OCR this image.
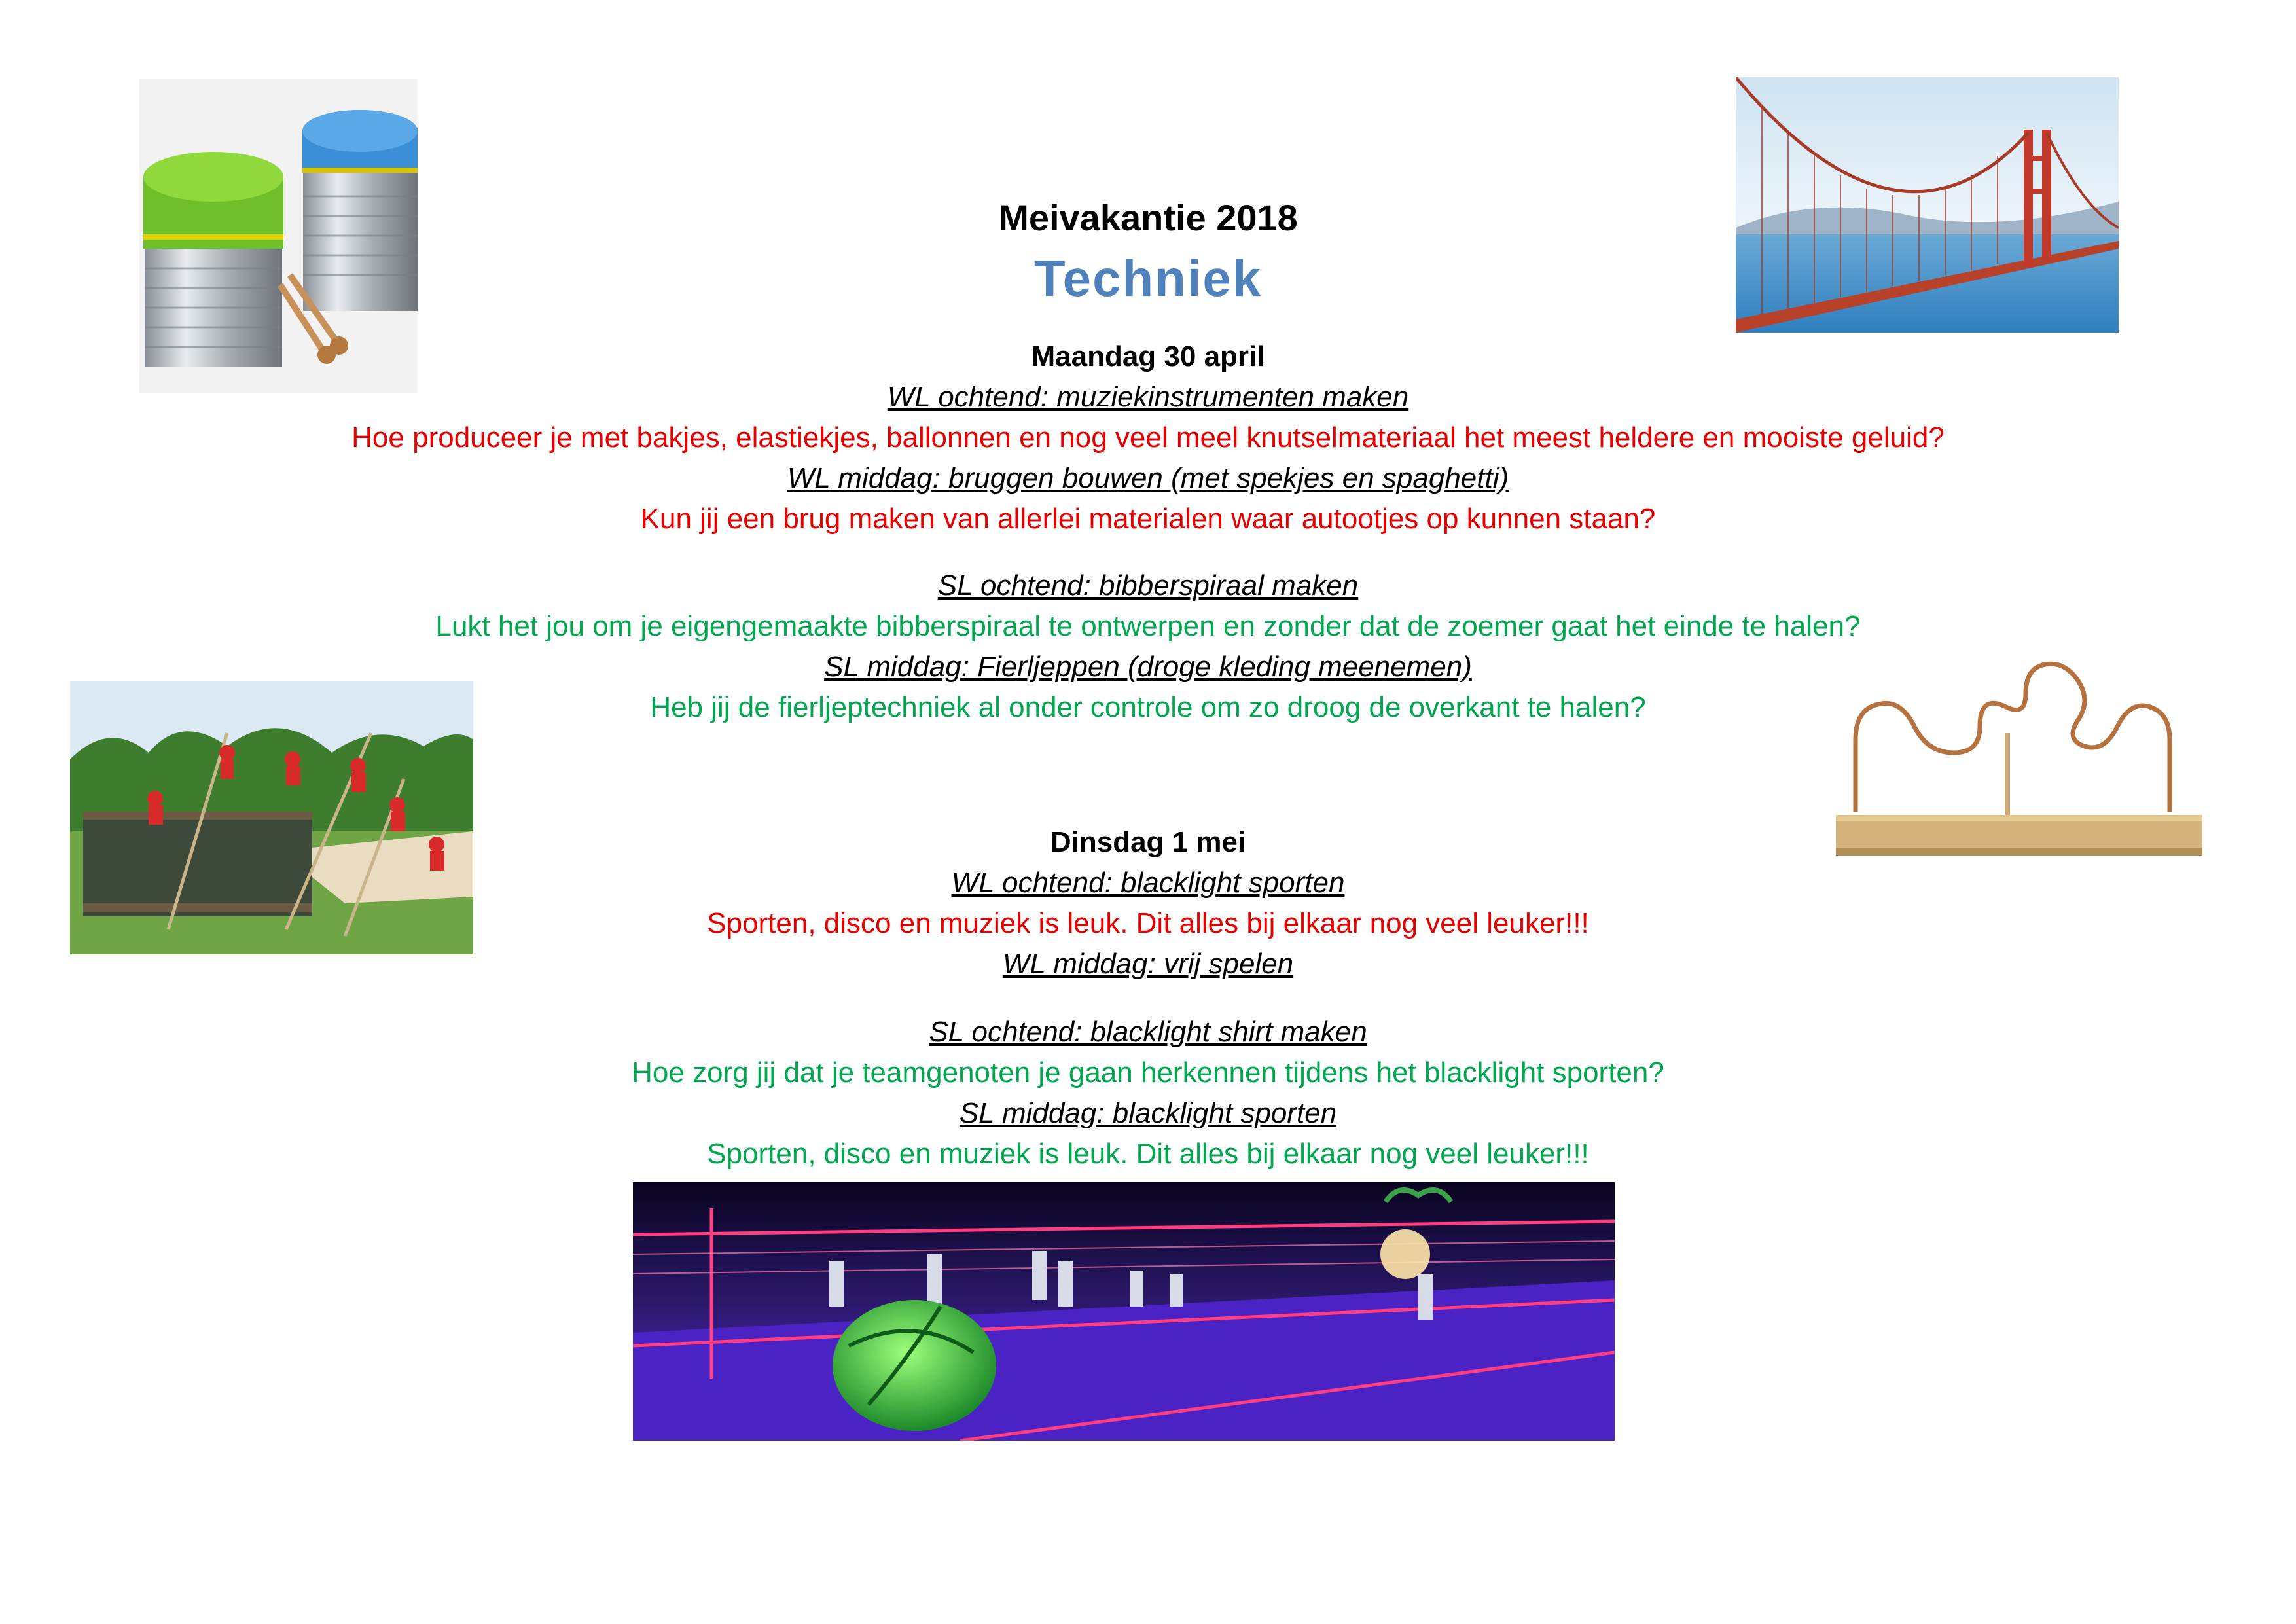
Meivakantie 2018
Techniek
Maandag 30 april
WL ochtend: muziekinstrumenten maken
Hoe produceer je met bakjes, elastiekjes, ballonnen en nog veel meel knutselmateriaal het meest heldere en mooiste geluid?
WL middag: bruggen bouwen (met spekjes en spaghetti)
Kun jij een brug maken van allerlei materialen waar autootjes op kunnen staan?
SL ochtend: bibberspiraal maken
Lukt het jou om je eigengemaakte bibberspiraal te ontwerpen en zonder dat de zoemer gaat het einde te halen?
SL middag: Fierljeppen (droge kleding meenemen)
Heb jij de fierljeptechniek al onder controle om zo droog de overkant te halen?
Dinsdag 1 mei
WL ochtend: blacklight sporten
Sporten, disco en muziek is leuk. Dit alles bij elkaar nog veel leuker!!!
WL middag: vrij spelen
SL ochtend: blacklight shirt maken
Hoe zorg jij dat je teamgenoten je gaan herkennen tijdens het blacklight sporten?
SL middag: blacklight sporten
Sporten, disco en muziek is leuk. Dit alles bij elkaar nog veel leuker!!!
